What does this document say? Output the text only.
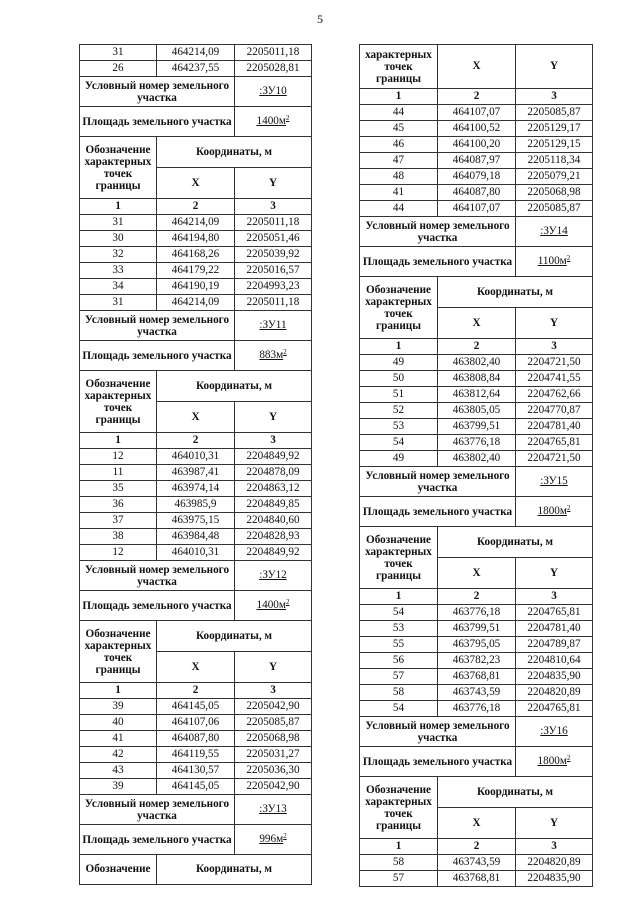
5
31	464214,09	2205011,18
26	464237,55	2205028,81
Условный номер земельного участка		:ЗУ10
Площадь земельного участка		$1400м^2$
Обозначение характерных точек границы	Координаты, м	
	X	Y
1	2	3
31	464214,09	2205011,18
30	464194,80	2205051,46
32	464168,26	2205039,92
33	464179,22	2205016,57
34	464190,19	2204993,23
31	464214,09	2205011,18
Условный номер земельного участка		:ЗУ11
Площадь земельного участка		$883м^2$
Обозначение характерных точек границы	Координаты, м	
	X	Y
1	2	3
12	464010,31	2204849,92
11	463987,41	2204878,09
35	463974,14	2204863,12
36	463985,9	2204849,85
37	463975,15	2204840,60
38	463984,48	2204828,93
12	464010,31	2204849,92
Условный номер земельного участка		:ЗУ12
Площадь земельного участка		$1400м^2$
Обозначение характерных точек границы	Координаты, м	
	X	Y
1	2	3
39	464145,05	2205042,90
40	464107,06	2205085,87
41	464087,80	2205068,98
42	464119,55	2205031,27
43	464130,57	2205036,30
39	464145,05	2205042,90
Условный номер земельного участка		:ЗУ13
Площадь земельного участка		$996м^2$
Обозначение	Координаты, м	
характерных точек границы	X	Y
1	2	3
44	464107,07	2205085,87
45	464100,52	2205129,17
46	464100,20	2205129,15
47	464087,97	2205118,34
48	464079,18	2205079,21
41	464087,80	2205068,98
44	464107,07	2205085,87
Условный номер земельного участка		:ЗУ14
Площадь земельного участка		$1100м^2$
Обозначение характерных точек границы	Координаты, м	
	X	Y
1	2	3
49	463802,40	2204721,50
50	463808,84	2204741,55
51	463812,64	2204762,66
52	463805,05	2204770,87
53	463799,51	2204781,40
54	463776,18	2204765,81
49	463802,40	2204721,50
Условный номер земельного участка		:ЗУ15
Площадь земельного участка		$1800м^2$
Обозначение характерных точек границы	Координаты, м	
	X	Y
1	2	3
54	463776,18	2204765,81
53	463799,51	2204781,40
55	463795,05	2204789,87
56	463782,23	2204810,64
57	463768,81	2204835,90
58	463743,59	2204820,89
54	463776,18	2204765,81
Условный номер земельного участка		:ЗУ16
Площадь земельного участка		$1800м^2$
Обозначение характерных точек границы	Координаты, м	
	X	Y
1	2	3
58	463743,59	2204820,89
57	463768,81	2204835,90
